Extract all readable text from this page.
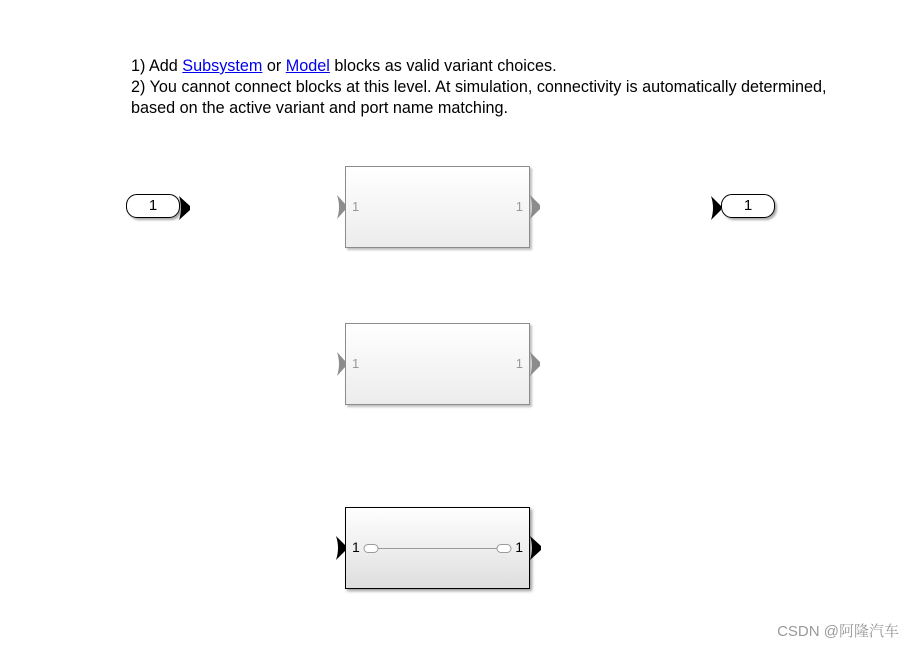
1) Add Subsystem or Model blocks as valid variant choices.
2) You cannot connect blocks at this level. At simulation, connectivity is automatically determined, based on the active variant and port name matching.
1	1
1	1
1	1
1	1
CSDN @阿隆汽车
